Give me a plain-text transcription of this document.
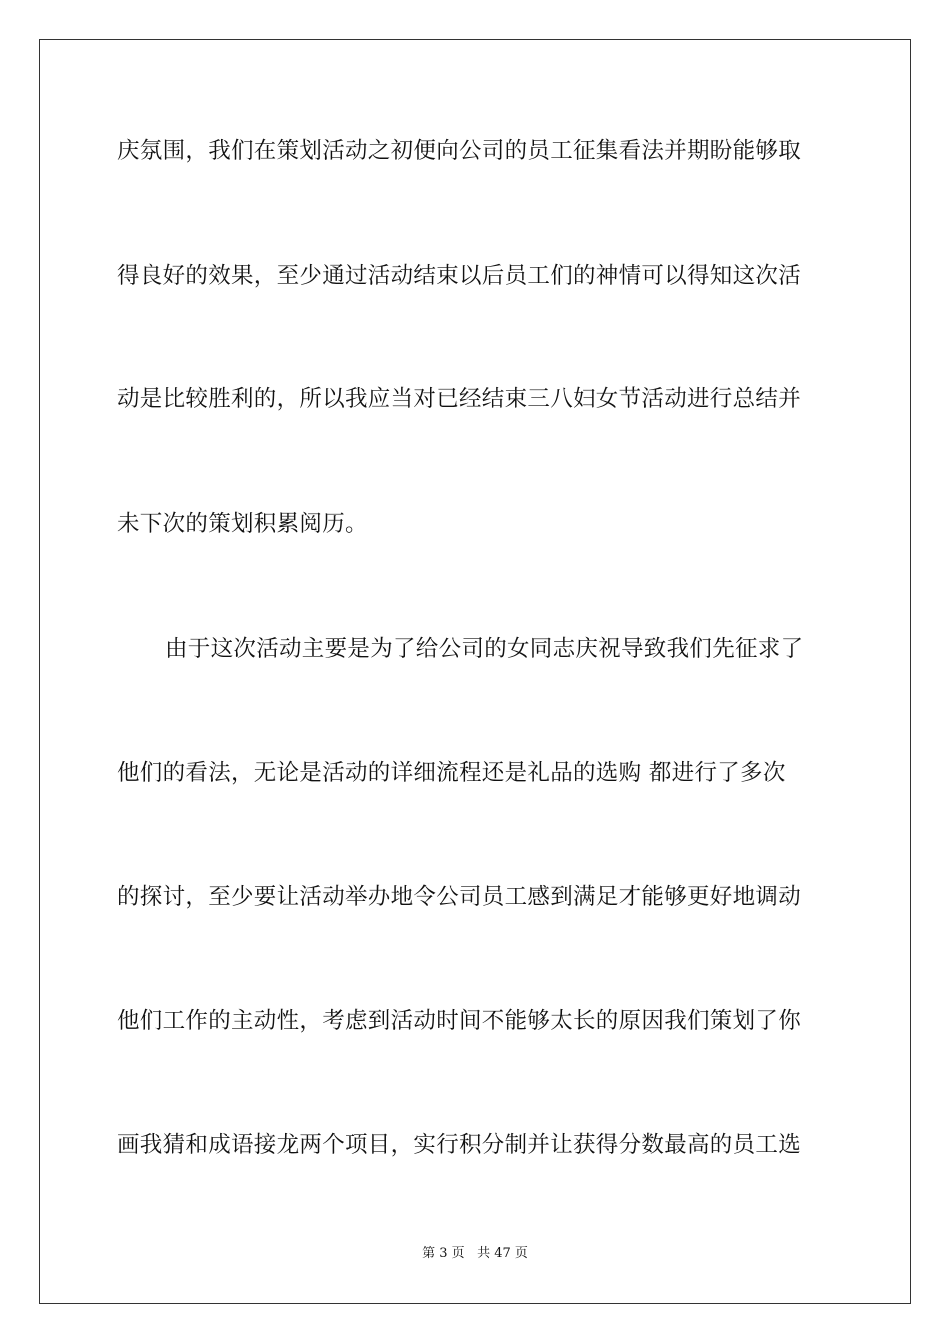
庆氛围，我们在策划活动之初便向公司的员工征集看法并期盼能够取
得良好的效果，至少通过活动结束以后员工们的神情可以得知这次活
动是比较胜利的，所以我应当对已经结束三八妇女节活动进行总结并
未下次的策划积累阅历。
由于这次活动主要是为了给公司的女同志庆祝导致我们先征求了
他们的看法，无论是活动的详细流程还是礼品的选购 都进行了多次
的探讨，至少要让活动举办地令公司员工感到满足才能够更好地调动
他们工作的主动性，考虑到活动时间不能够太长的原因我们策划了你
画我猜和成语接龙两个项目，实行积分制并让获得分数最高的员工选
第 3 页 共 47 页
